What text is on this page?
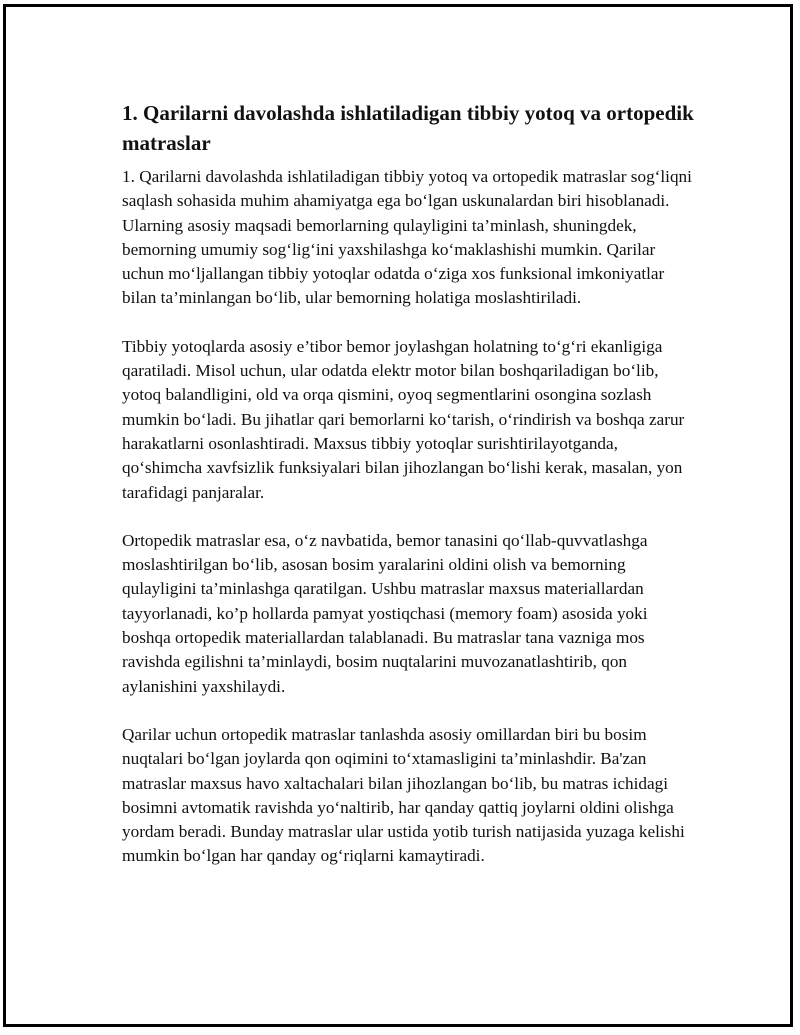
1. Qarilarni davolashda ishlatiladigan tibbiy yotoq va ortopedik matraslar

1. Qarilarni davolashda ishlatiladigan tibbiy yotoq va ortopedik matraslar sog‘liqni saqlash sohasida muhim ahamiyatga ega bo‘lgan uskunalardan biri hisoblanadi. Ularning asosiy maqsadi bemorlarning qulayligini ta’minlash, shuningdek, bemorning umumiy sog‘lig‘ini yaxshilashga ko‘maklashishi mumkin. Qarilar uchun mo‘ljallangan tibbiy yotoqlar odatda o‘ziga xos funksional imkoniyatlar bilan ta’minlangan bo‘lib, ular bemorning holatiga moslashtiriladi.

Tibbiy yotoqlarda asosiy e’tibor bemor joylashgan holatning to‘g‘ri ekanligiga qaratiladi. Misol uchun, ular odatda elektr motor bilan boshqariladigan bo‘lib, yotoq balandligini, old va orqa qismini, oyoq segmentlarini osongina sozlash mumkin bo‘ladi. Bu jihatlar qari bemorlarni ko‘tarish, o‘rindirish va boshqa zarur harakatlarni osonlashtiradi. Maxsus tibbiy yotoqlar surishtirilayotganda, qo‘shimcha xavfsizlik funksiyalari bilan jihozlangan bo‘lishi kerak, masalan, yon tarafidagi panjaralar.

Ortopedik matraslar esa, o‘z navbatida, bemor tanasini qo‘llab-quvvatlashga moslashtirilgan bo‘lib, asosan bosim yaralarini oldini olish va bemorning qulayligini ta’minlashga qaratilgan. Ushbu matraslar maxsus materiallardan tayyorlanadi, ko’p hollarda pamyat yostiqchasi (memory foam) asosida yoki boshqa ortopedik materiallardan talablanadi. Bu matraslar tana vazniga mos ravishda egilishni ta’minlaydi, bosim nuqtalarini muvozanatlashtirib, qon aylanishini yaxshilaydi.

Qarilar uchun ortopedik matraslar tanlashda asosiy omillardan biri bu bosim nuqtalari bo‘lgan joylarda qon oqimini to‘xtamasligini ta’minlashdir. Ba'zan matraslar maxsus havo xaltachalari bilan jihozlangan bo‘lib, bu matras ichidagi bosimni avtomatik ravishda yo‘naltirib, har qanday qattiq joylarni oldini olishga yordam beradi. Bunday matraslar ular ustida yotib turish natijasida yuzaga kelishi mumkin bo‘lgan har qanday og‘riqlarni kamaytiradi.
